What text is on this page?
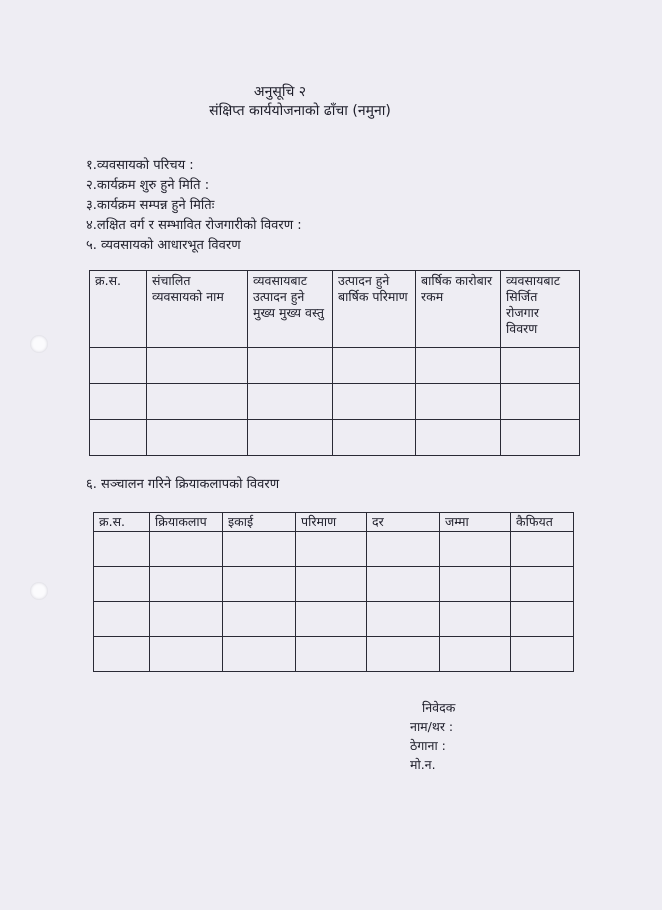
अनुसूचि २
संक्षिप्त कार्ययोजनाको ढाँचा (नमुना)
१.व्यवसायको परिचय :
२.कार्यक्रम शुरु हुने मिति :
३.कार्यक्रम सम्पन्न हुने मितिः
४.लक्षित वर्ग र सम्भावित रोजगारीको विवरण :
५. व्यवसायको आधारभूत विवरण
क्र.स.	संचालित व्यवसायको नाम	व्यवसायबाट उत्पादन हुने मुख्य मुख्य वस्तु	उत्पादन हुने बार्षिक परिमाण	बार्षिक कारोबार रकम	व्यवसायबाट सिर्जित रोजगार विवरण

६. सञ्चालन गरिने क्रियाकलापको विवरण
क्र.स.	क्रियाकलाप	इकाई	परिमाण	दर	जम्मा	कैफियत

निवेदक
नाम/थर :
ठेगाना :
मो.न.
